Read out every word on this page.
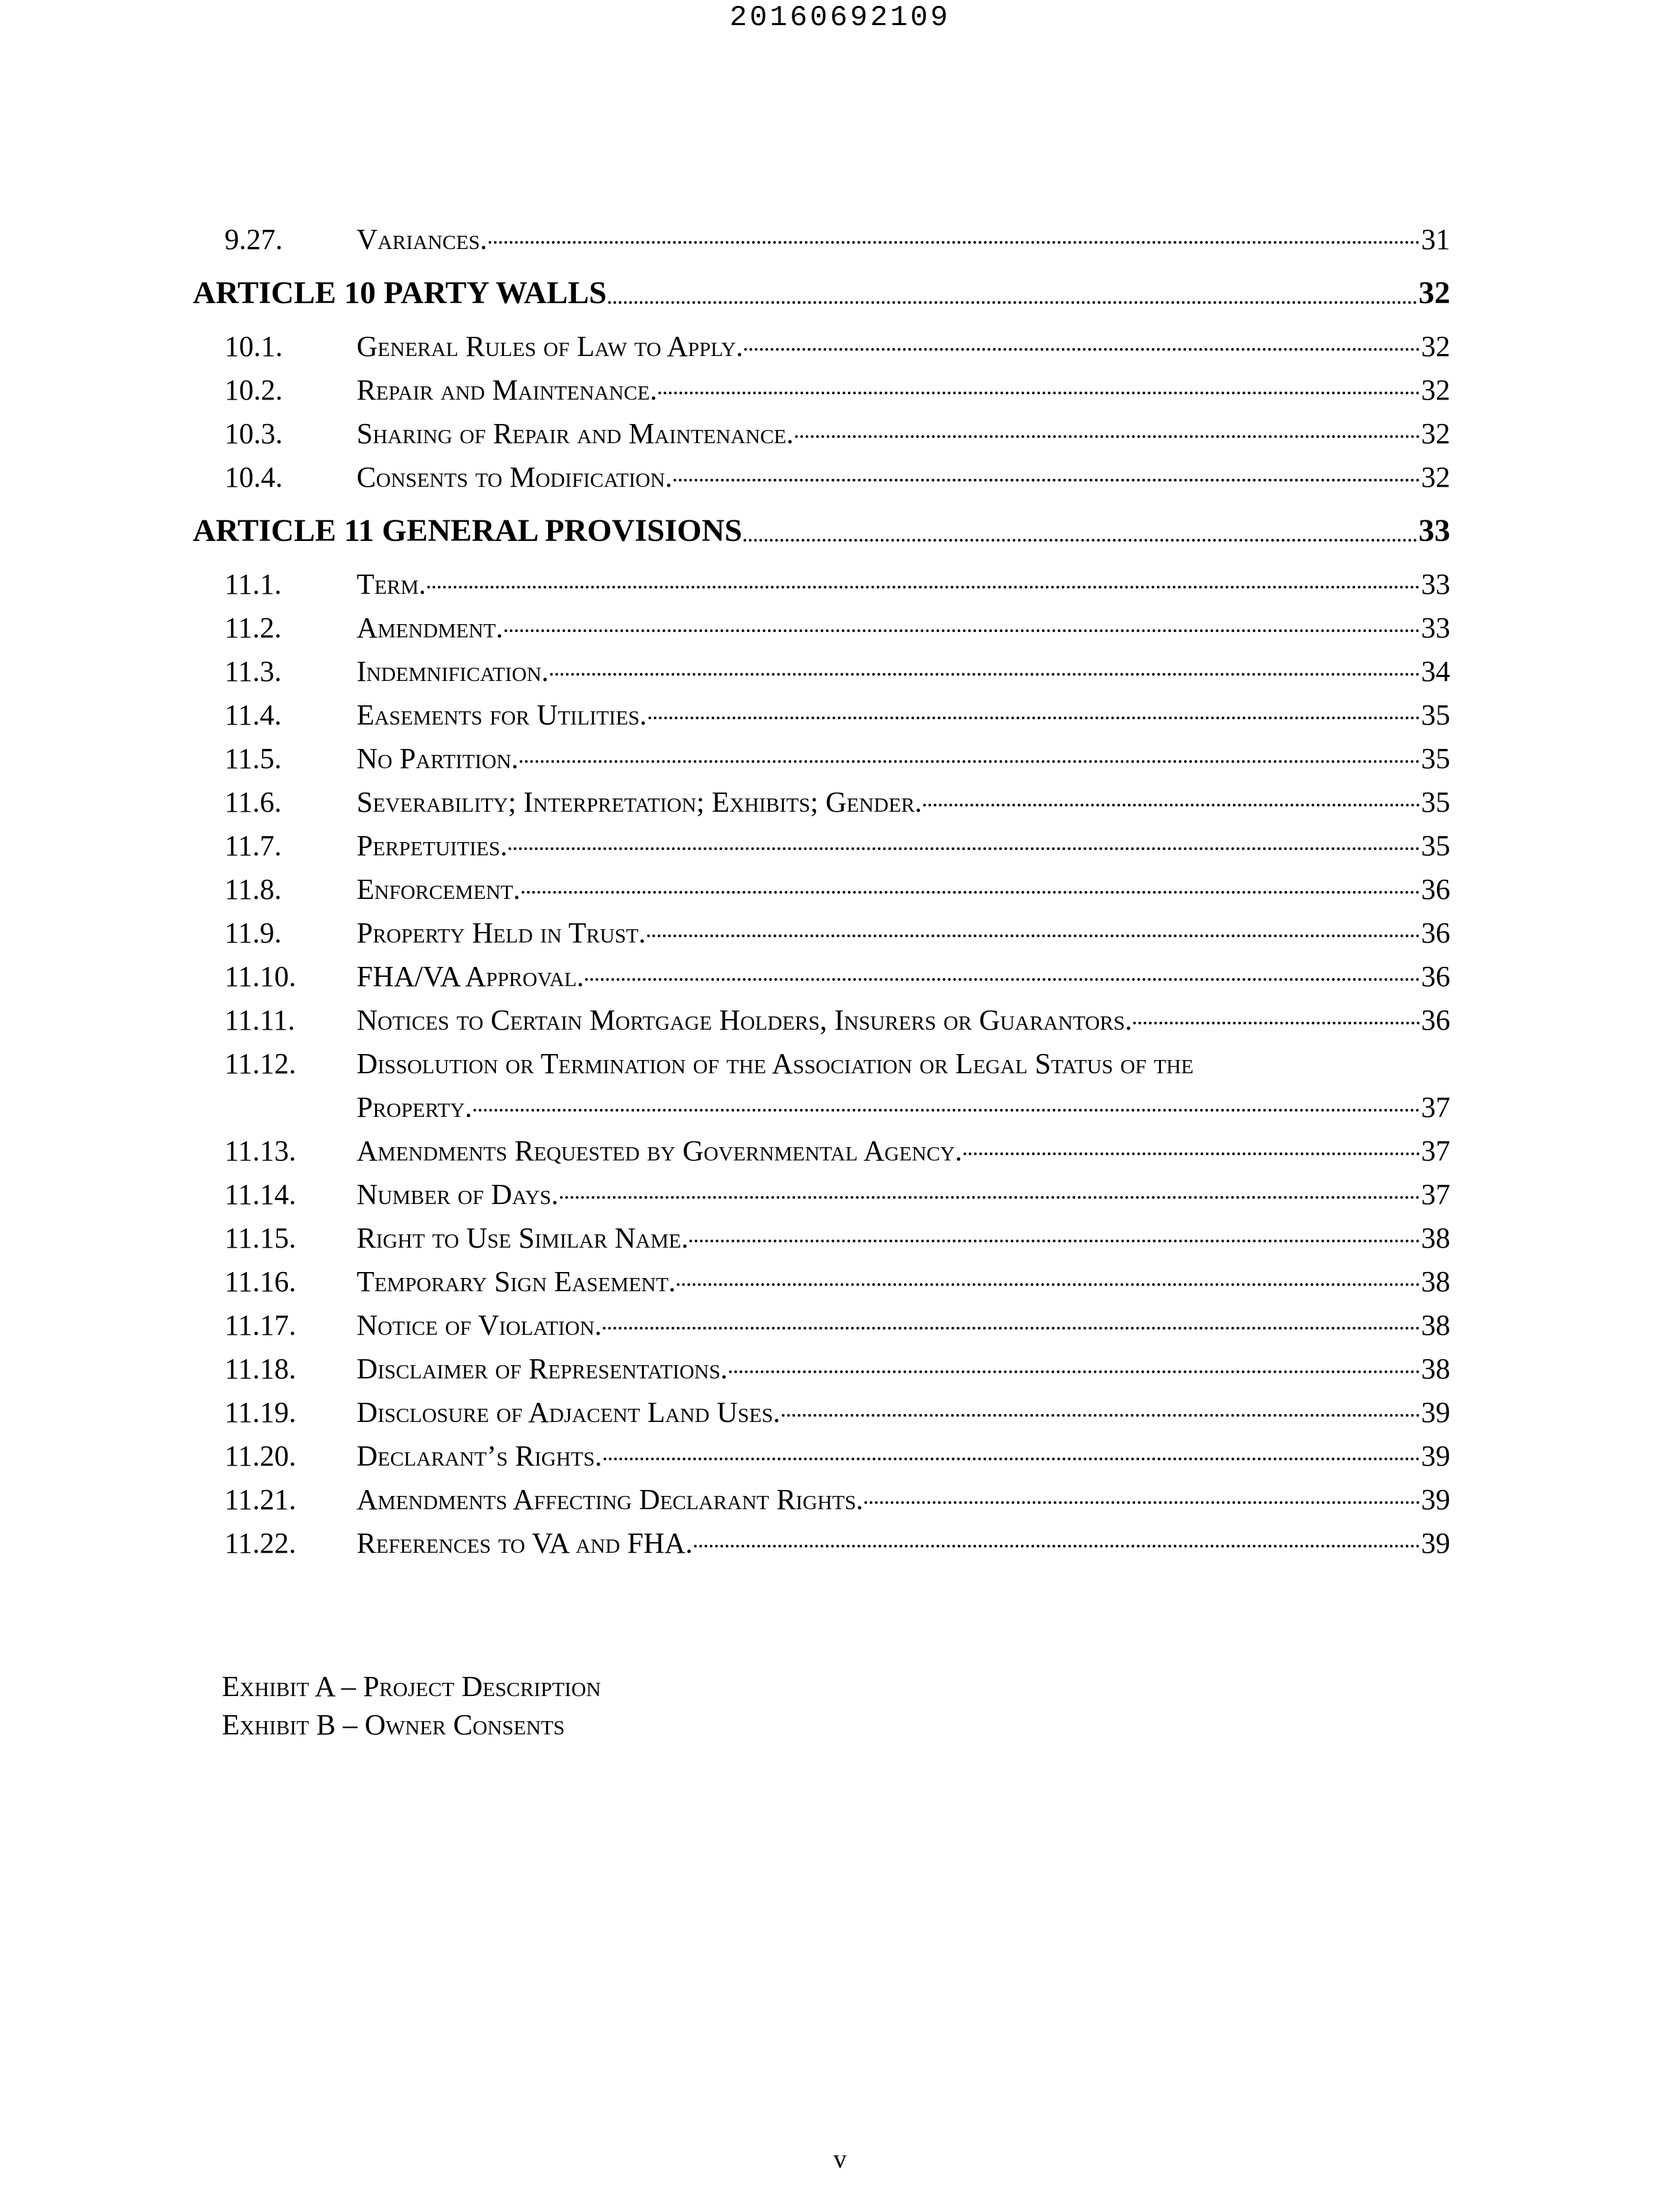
20160692109
9.27.	Variances.	31
ARTICLE 10 PARTY WALLS	32
10.1.	General Rules of Law to Apply.	32
10.2.	Repair and Maintenance.	32
10.3.	Sharing of Repair and Maintenance.	32
10.4.	Consents to Modification.	32
ARTICLE 11 GENERAL PROVISIONS	33
11.1.	Term.	33
11.2.	Amendment.	33
11.3.	Indemnification.	34
11.4.	Easements for Utilities.	35
11.5.	No Partition.	35
11.6.	Severability; Interpretation; Exhibits; Gender.	35
11.7.	Perpetuities.	35
11.8.	Enforcement.	36
11.9.	Property Held in Trust.	36
11.10.	FHA/VA Approval.	36
11.11.	Notices to Certain Mortgage Holders, Insurers or Guarantors.	36
11.12.	Dissolution or Termination of the Association or Legal Status of the
Property.	37
11.13.	Amendments Requested by Governmental Agency.	37
11.14.	Number of Days.	37
11.15.	Right to Use Similar Name.	38
11.16.	Temporary Sign Easement.	38
11.17.	Notice of Violation.	38
11.18.	Disclaimer of Representations.	38
11.19.	Disclosure of Adjacent Land Uses.	39
11.20.	Declarant’s Rights.	39
11.21.	Amendments Affecting Declarant Rights.	39
11.22.	References to VA and FHA.	39
Exhibit A – Project Description
Exhibit B – Owner Consents
v
